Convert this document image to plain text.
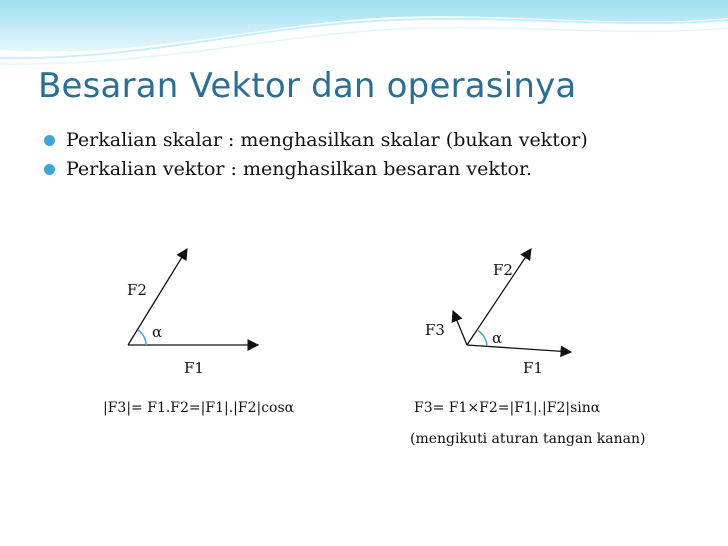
Besaran Vektor dan operasinya
Perkalian skalar : menghasilkan skalar (bukan vektor)
Perkalian vektor : menghasilkan besaran vektor.
F2
α
F1
|F3|= F1.F2=|F1|.|F2|cosα
F2
F3	α
F1
F3= F1×F2=|F1|.|F2|sinα
(mengikuti aturan tangan kanan)
